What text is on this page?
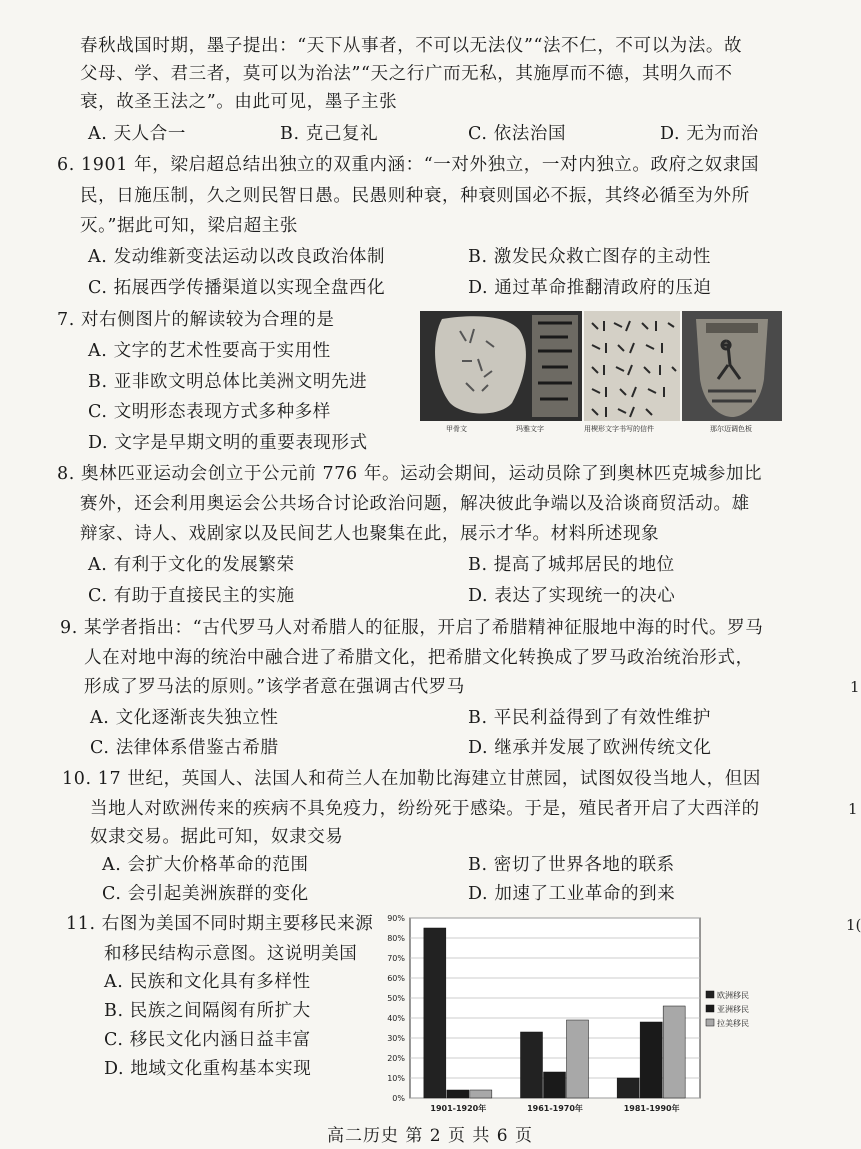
春秋战国时期，墨子提出：“天下从事者，不可以无法仪”“法不仁，不可以为法。故
父母、学、君三者，莫可以为治法”“天之行广而无私，其施厚而不德，其明久而不
衰，故圣王法之”。由此可见，墨子主张
A. 天人合一	B. 克己复礼	C. 依法治国	D. 无为而治
6. 1901 年，梁启超总结出独立的双重内涵：“一对外独立，一对内独立。政府之奴隶国
民，日施压制，久之则民智日愚。民愚则种衰，种衰则国必不振，其终必循至为外所
灭。”据此可知，梁启超主张
A. 发动维新变法运动以改良政治体制	B. 激发民众救亡图存的主动性
C. 拓展西学传播渠道以实现全盘西化	D. 通过革命推翻清政府的压迫
7. 对右侧图片的解读较为合理的是
A. 文字的艺术性要高于实用性
B. 亚非欧文明总体比美洲文明先进
C. 文明形态表现方式多种多样
D. 文字是早期文明的重要表现形式
甲骨文	玛雅文字	用楔形文字书写的信件	那尔迈调色板
8. 奥林匹亚运动会创立于公元前 776 年。运动会期间，运动员除了到奥林匹克城参加比
赛外，还会利用奥运会公共场合讨论政治问题，解决彼此争端以及洽谈商贸活动。雄
辩家、诗人、戏剧家以及民间艺人也聚集在此，展示才华。材料所述现象
A. 有利于文化的发展繁荣	B. 提高了城邦居民的地位
C. 有助于直接民主的实施	D. 表达了实现统一的决心
9. 某学者指出：“古代罗马人对希腊人的征服，开启了希腊精神征服地中海的时代。罗马
人在对地中海的统治中融合进了希腊文化，把希腊文化转换成了罗马政治统治形式，
形成了罗马法的原则。”该学者意在强调古代罗马
A. 文化逐渐丧失独立性	B. 平民利益得到了有效性维护
C. 法律体系借鉴古希腊	D. 继承并发展了欧洲传统文化
10. 17 世纪，英国人、法国人和荷兰人在加勒比海建立甘蔗园，试图奴役当地人，但因
当地人对欧洲传来的疾病不具免疫力，纷纷死于感染。于是，殖民者开启了大西洋的
奴隶交易。据此可知，奴隶交易
A. 会扩大价格革命的范围	B. 密切了世界各地的联系
C. 会引起美洲族群的变化	D. 加速了工业革命的到来
11. 右图为美国不同时期主要移民来源
和移民结构示意图。这说明美国
A. 民族和文化具有多样性
B. 民族之间隔阂有所扩大
C. 移民文化内涵日益丰富
D. 地域文化重构基本实现
0%
10%
20%
30%
40%
50%
60%
70%
80%
90%
1901-1920年	1961-1970年	1981-1990年
欧洲移民
亚洲移民
拉美移民
1
1
1(
高二历史 第 2 页 共 6 页
